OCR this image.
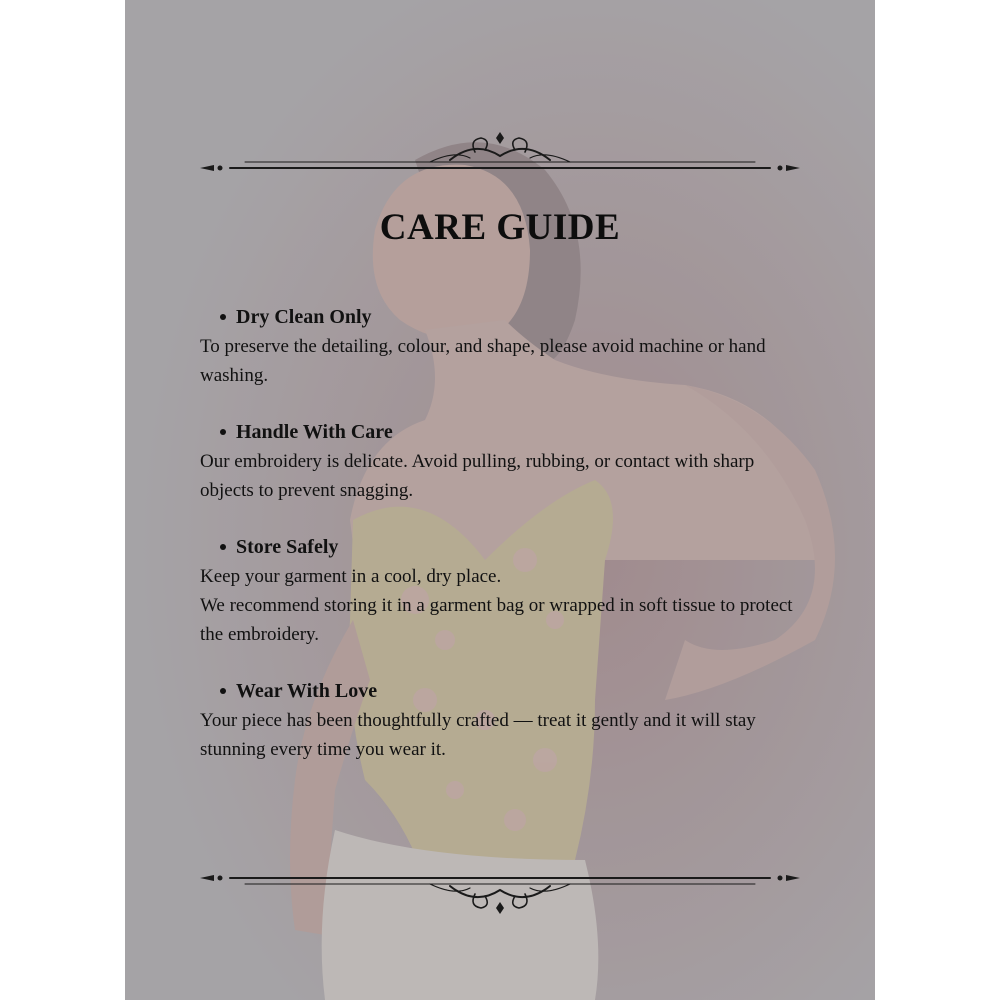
CARE GUIDE
Dry Clean Only

To preserve the detailing, colour, and shape, please avoid machine or hand washing.

Handle With Care

Our embroidery is delicate. Avoid pulling, rubbing, or contact with sharp objects to prevent snagging.

Store Safely

Keep your garment in a cool, dry place.

We recommend storing it in a garment bag or wrapped in soft tissue to protect the embroidery.

Wear With Love

Your piece has been thoughtfully crafted — treat it gently and it will stay stunning every time you wear it.
